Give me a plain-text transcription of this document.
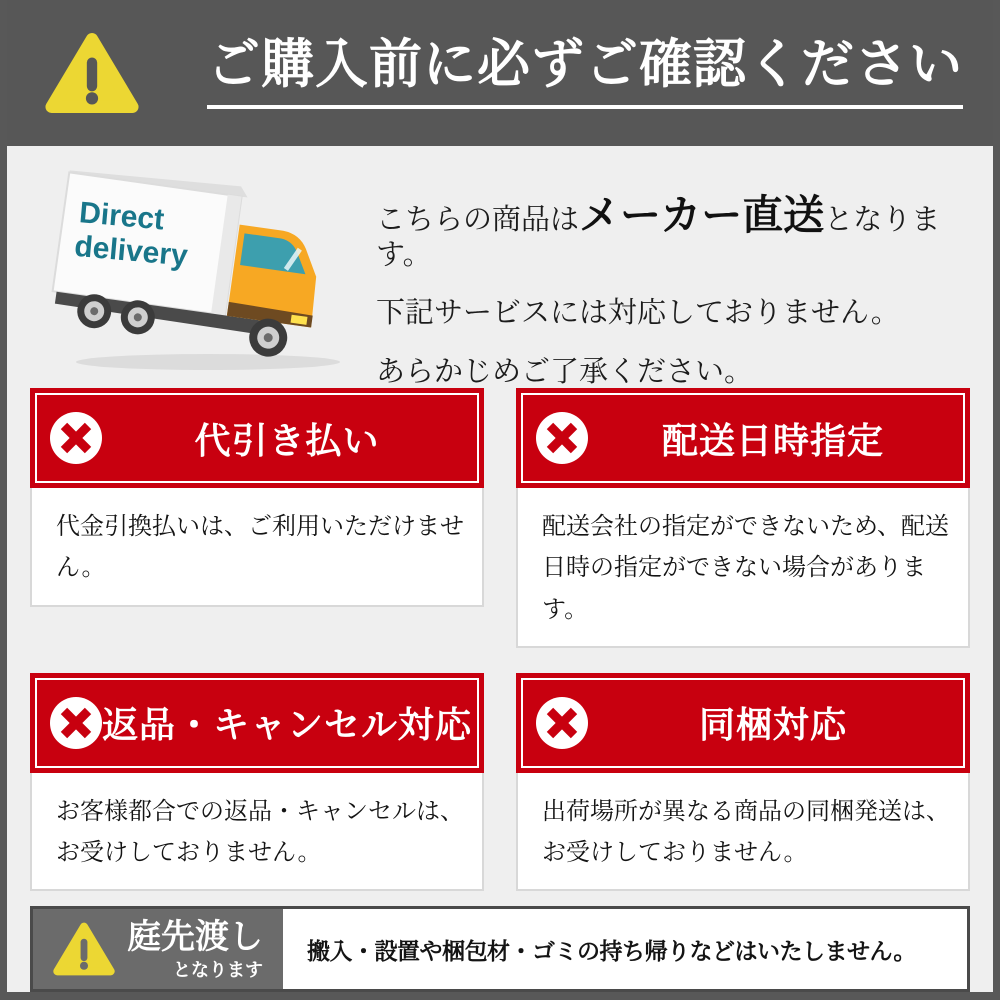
ご購入前に必ずご確認ください
Direct
delivery

こちらの商品はメーカー直送となります。

下記サービスには対応しておりません。

あらかじめご了承ください。

代引き払い
代金引換払いは、ご利用いただけません。
配送日時指定
配送会社の指定ができないため、配送日時の指定ができない場合があります。
返品・キャンセル対応
お客様都合での返品・キャンセルは、お受けしておりません。
同梱対応
出荷場所が異なる商品の同梱発送は、お受けしておりません。
庭先渡し
となります
搬入・設置や梱包材・ゴミの持ち帰りなどはいたしません。
